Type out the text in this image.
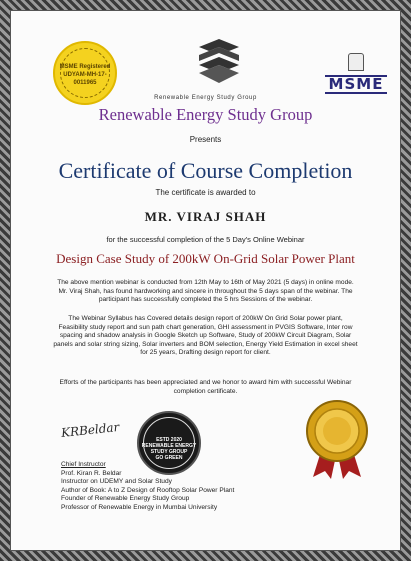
MSME Registered
UDYAM-MH-17-0011965
Renewable Energy Study Group
MSME
Renewable Energy Study Group
Presents
Certificate of Course Completion
The certificate is awarded to
MR. VIRAJ SHAH
for the successful completion of the 5 Day's Online Webinar
Design Case Study of 200kW On-Grid Solar Power Plant
The above mention webinar is conducted from 12th May to 16th of May 2021 (5 days) in online mode. Mr. Viraj Shah, has found hardworking and sincere in throughout the 5 days span of the webinar. The participant has successfully completed the 5 hrs Sessions of the webinar.
The Webinar Syllabus has Covered details design report of 200kW On Grid Solar power plant, Feasibility study report and sun path chart generation, GHI assessment in PVGIS Software, Inter row spacing and shadow analysis in Google Sketch up Software, Study of 200kW Circuit Diagram, Solar panels and solar string sizing, Solar inverters and BOM selection, Energy Yield Estimation in excel sheet for 25 years, Drafting design report for client.
Efforts of the participants has been appreciated and we honor to award him with successful Webinar completion certificate.
KRBeldar	ESTD 2020
RENEWABLE ENERGY STUDY GROUP
GO GREEN
Chief Instructor
Prof. Kiran R. Beldar
Instructor on UDEMY and Solar Study
Author of Book: A to Z Design of Rooftop Solar Power Plant
Founder of Renewable Energy Study Group
Professor of Renewable Energy in Mumbai University
